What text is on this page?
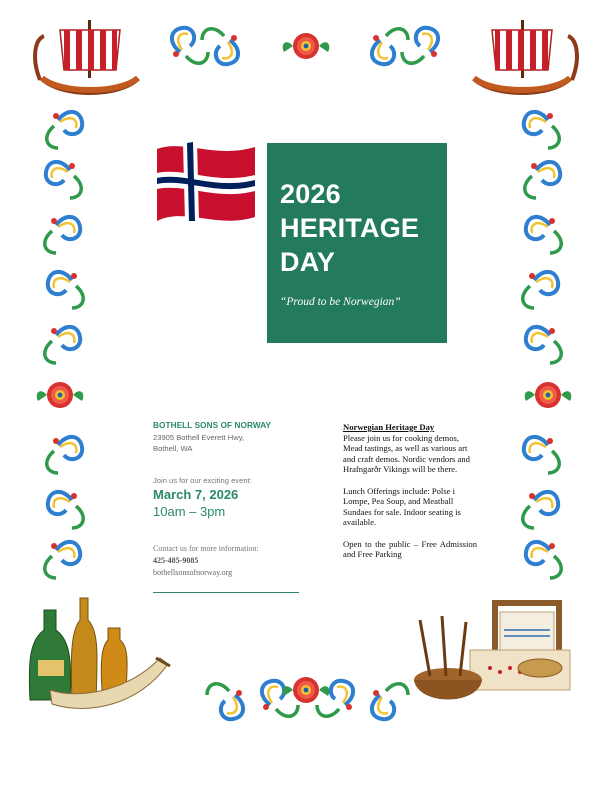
2026
HERITAGE
DAY
“Proud to be Norwegian”
BOTHELL SONS OF NORWAY
23905 Bothell Everett Hwy,
Bothell, WA
Join us for our exciting event:
March 7, 2026
10am – 3pm
Contact us for more information:
425-485-9085
bothellsonsofnorway.org

Norwegian Heritage Day
Please join us for cooking demos, Mead tastings, as well as various art and craft demos. Nordic vendors and Hrafngarðr Vikings will be there.

Lunch Offerings include: Polse i Lompe, Pea Soup, and Meatball Sundaes for sale. Indoor seating is available.

Open to the public – Free Admission and Free Parking
